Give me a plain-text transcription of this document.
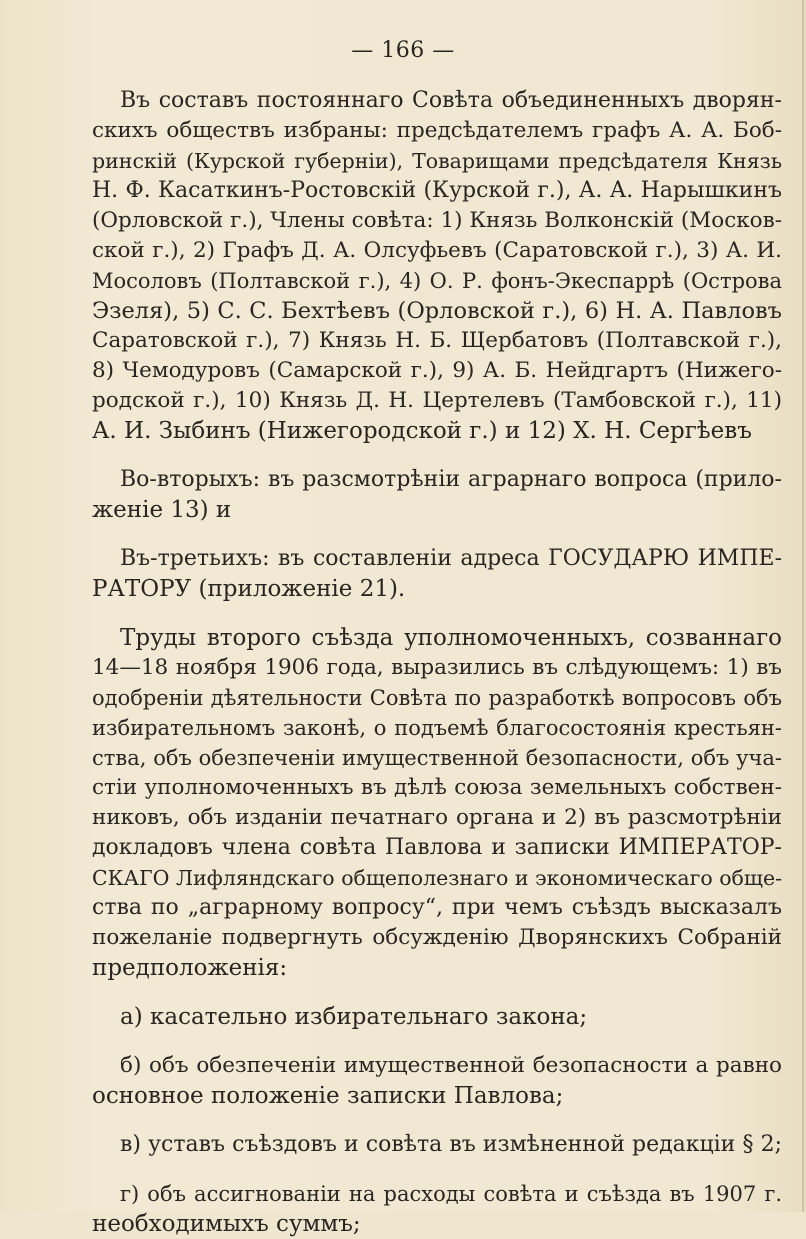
— 166 —
Въ составъ постояннаго Совѣта объединенныхъ дворян-
скихъ обществъ избраны: предсѣдателемъ графъ А. А. Боб-
ринскій (Курской губерніи), Товарищами предсѣдателя Князь
Н. Ф. Касаткинъ-Ростовскій (Курской г.), А. А. Нарышкинъ
(Орловской г.), Члены совѣта: 1) Князь Волконскій (Москов-
ской г.), 2) Графъ Д. А. Олсуфьевъ (Саратовской г.), 3) А. И.
Мосоловъ (Полтавской г.), 4) О. Р. фонъ-Экеспаррѣ (Острова
Эзеля), 5) С. С. Бехтѣевъ (Орловской г.), 6) Н. А. Павловъ
Саратовской г.), 7) Князь Н. Б. Щербатовъ (Полтавской г.),
8) Чемодуровъ (Самарской г.), 9) А. Б. Нейдгартъ (Нижего-
родской г.), 10) Князь Д. Н. Цертелевъ (Тамбовской г.), 11)
А. И. Зыбинъ (Нижегородской г.) и 12) Х. Н. Сергѣевъ
Во-вторыхъ: въ разсмотрѣніи аграрнаго вопроса (прило-
женіе 13) и
Въ-третьихъ: въ составленіи адреса ГОСУДАРЮ ИМПЕ-
РАТОРУ (приложеніе 21).
Труды второго съѣзда уполномоченныхъ, созваннаго
14—18 ноября 1906 года, выразились въ слѣдующемъ: 1) въ
одобреніи дѣятельности Совѣта по разработкѣ вопросовъ объ
избирательномъ законѣ, о подъемѣ благосостоянія крестьян-
ства, объ обезпеченіи имущественной безопасности, объ уча-
стіи уполномоченныхъ въ дѣлѣ союза земельныхъ собствен-
никовъ, объ изданіи печатнаго органа и 2) въ разсмотрѣніи
докладовъ члена совѣта Павлова и записки ИМПЕРАТОР-
СКАГО Лифляндскаго общеполезнаго и экономическаго обще-
ства по „аграрному вопросу“, при чемъ съѣздъ высказалъ
пожеланіе подвергнуть обсужденію Дворянскихъ Собраній
предположенія:
а) касательно избирательнаго закона;
б) объ обезпеченіи имущественной безопасности а равно
основное положеніе записки Павлова;
в) уставъ съѣздовъ и совѣта въ измѣненной редакціи § 2;
г) объ ассигнованіи на расходы совѣта и съѣзда въ 1907 г.
необходимыхъ суммъ;
